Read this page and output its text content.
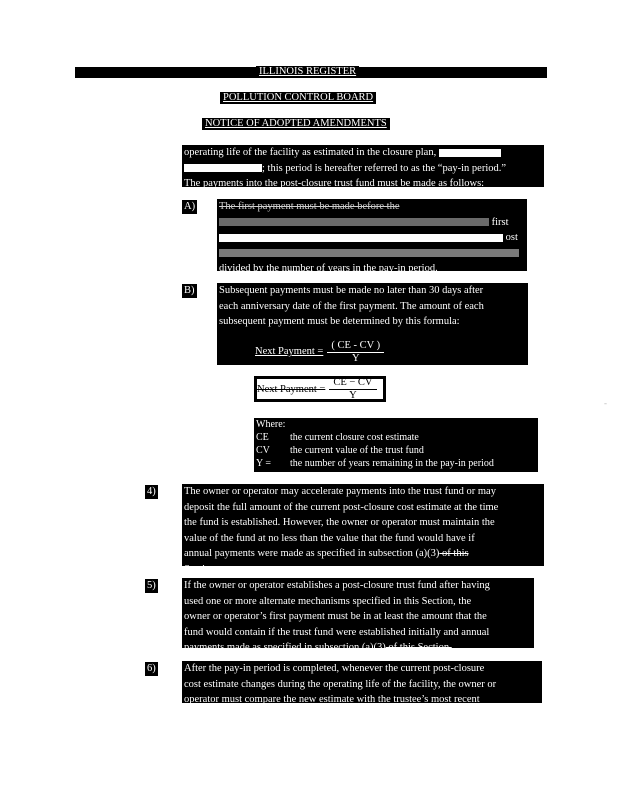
ILLINOIS REGISTER
POLLUTION CONTROL BOARD
NOTICE OF ADOPTED AMENDMENTS

operating life of the facility as estimated in the closure plan,

; this period is hereafter referred to as the “pay-in period.”

The payments into the post-closure trust fund must be made as follows:

A) The first payment must be made before the

first

ost

divided by the number of years in the pay-in period.

B) Subsequent payments must be made no later than 30 days after

each anniversary date of the first payment. The amount of each

subsequent payment must be determined by this formula:

Next Payment = $\frac{( CE - CV )}{Y}$
Next Payment = $\frac{CE - CV}{Y}$

Where:

CE	the current closure cost estimate
CV	the current value of the trust fund
Y =	the number of years remaining in the pay-in period
4)	The owner or operator may accelerate payments into the trust fund or may

deposit the full amount of the current post-closure cost estimate at the time

the fund is established. However, the owner or operator must maintain the

value of the fund at no less than the value that the fund would have if

annual payments were made as specified in subsection (a)(3) of this

Section.

5)	If the owner or operator establishes a post-closure trust fund after having

used one or more alternate mechanisms specified in this Section, the

owner or operator’s first payment must be in at least the amount that the

fund would contain if the trust fund were established initially and annual

payments made as specified in subsection (a)(3) of this Section.

6)	After the pay-in period is completed, whenever the current post-closure

cost estimate changes during the operating life of the facility, the owner or

operator must compare the new estimate with the trustee’s most recent

-
